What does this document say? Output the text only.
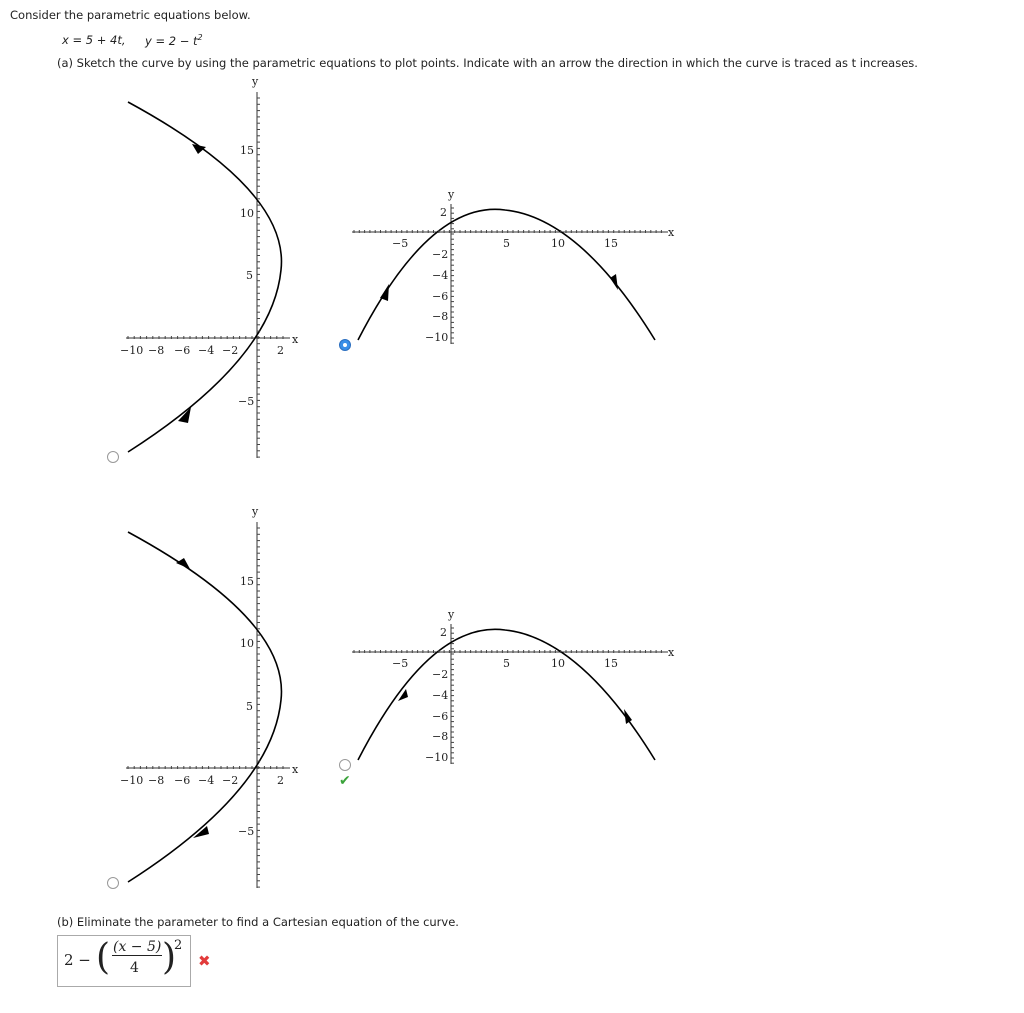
Consider the parametric equations below.
x = 5 + 4t, $y = 2 - t^2$
(a) Sketch the curve by using the parametric equations to plot points. Indicate with an arrow the direction in which the curve is traced as t increases.
y
x
−10 −8 −6 −4 −2	2
15
10
5
−5
y
x
−5	5	10	15
2
−2
−4
−6
−8
−10
y
x
−10 −8 −6 −4 −2	2
15
10
5
−5
y
x
−5	5	10	15
2
−2
−4
−6
−8
−10
✔
(b) Eliminate the parameter to find a Cartesian equation of the curve.
2 − ( (x − 5)
4 )
2
✖
